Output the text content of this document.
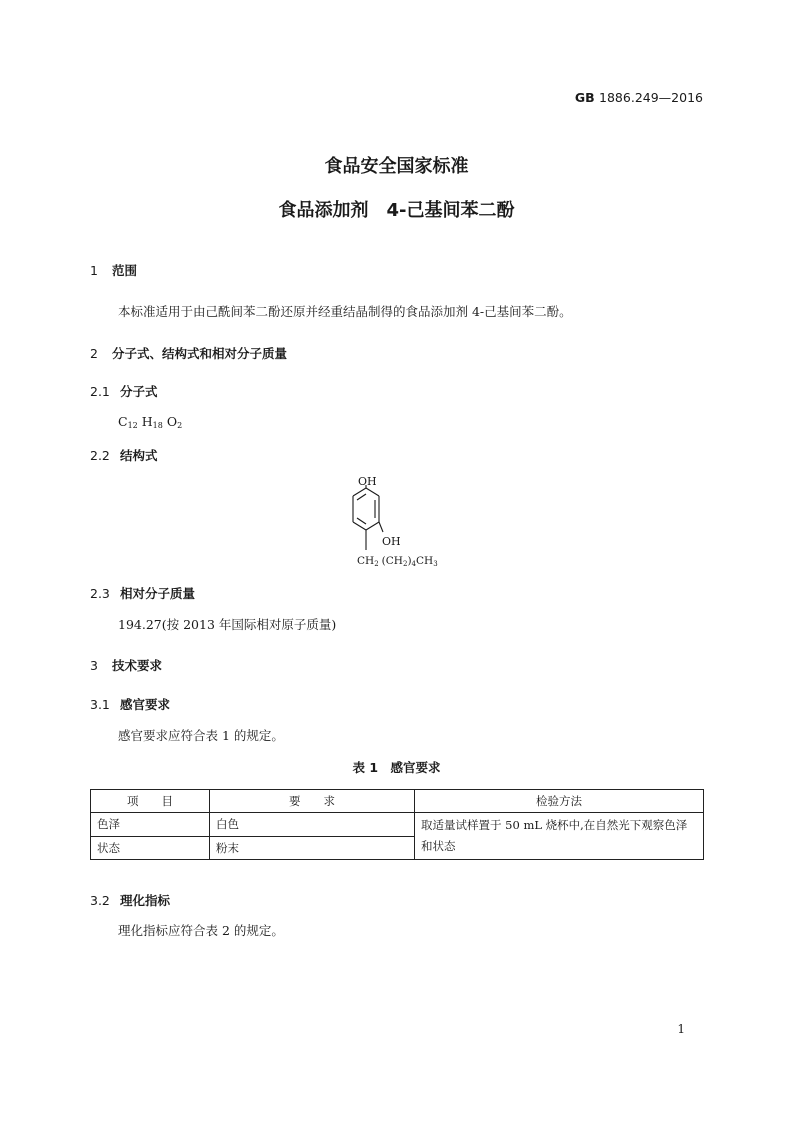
GB 1886.249—2016
食品安全国家标准
食品添加剂　4-己基间苯二酚
1 范围
本标准适用于由己酰间苯二酚还原并经重结晶制得的食品添加剂 4-己基间苯二酚。
2 分子式、结构式和相对分子质量
2.1 分子式
$C_{12}$ $H_{18}$ $O_2$
2.2 结构式
OH
OH
CH2 (CH2)4CH3
2.3 相对分子质量
194.27(按 2013 年国际相对原子质量)
3 技术要求
3.1 感官要求
感官要求应符合表 1 的规定。
表 1　感官要求
项　　目	要　　求	检验方法
色泽	白色	取适量试样置于 50 mL 烧杯中,在自然光下观察色泽和状态
状态	粉末	
3.2 理化指标
理化指标应符合表 2 的规定。
1
